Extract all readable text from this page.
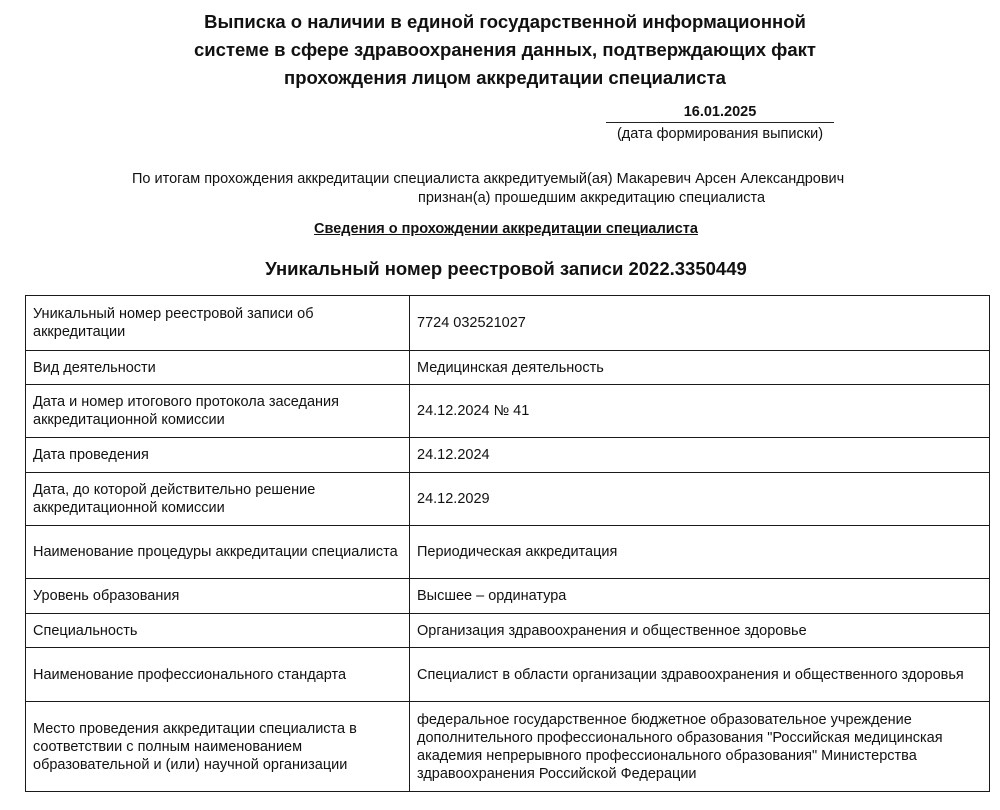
Выписка о наличии в единой государственной информационной
системе в сфере здравоохранения данных, подтверждающих факт
прохождения лицом аккредитации специалиста
16.01.2025
(дата формирования выписки)
По итогам прохождения аккредитации специалиста аккредитуемый(ая) Макаревич Арсен Александрович
признан(а) прошедшим аккредитацию специалиста
Сведения о прохождении аккредитации специалиста
Уникальный номер реестровой записи 2022.3350449
Уникальный номер реестровой записи об аккредитации	7724 032521027
Вид деятельности	Медицинская деятельность
Дата и номер итогового протокола заседания аккредитационной комиссии	24.12.2024 № 41
Дата проведения	24.12.2024
Дата, до которой действительно решение аккредитационной комиссии	24.12.2029
Наименование процедуры аккредитации специалиста	Периодическая аккредитация
Уровень образования	Высшее – ординатура
Специальность	Организация здравоохранения и общественное здоровье
Наименование профессионального стандарта	Специалист в области организации здравоохранения и общественного здоровья
Место проведения аккредитации специалиста в соответствии с полным наименованием образовательной и (или) научной организации	федеральное государственное бюджетное образовательное учреждение дополнительного профессионального образования "Российская медицинская академия непрерывного профессионального образования" Министерства здравоохранения Российской Федерации
